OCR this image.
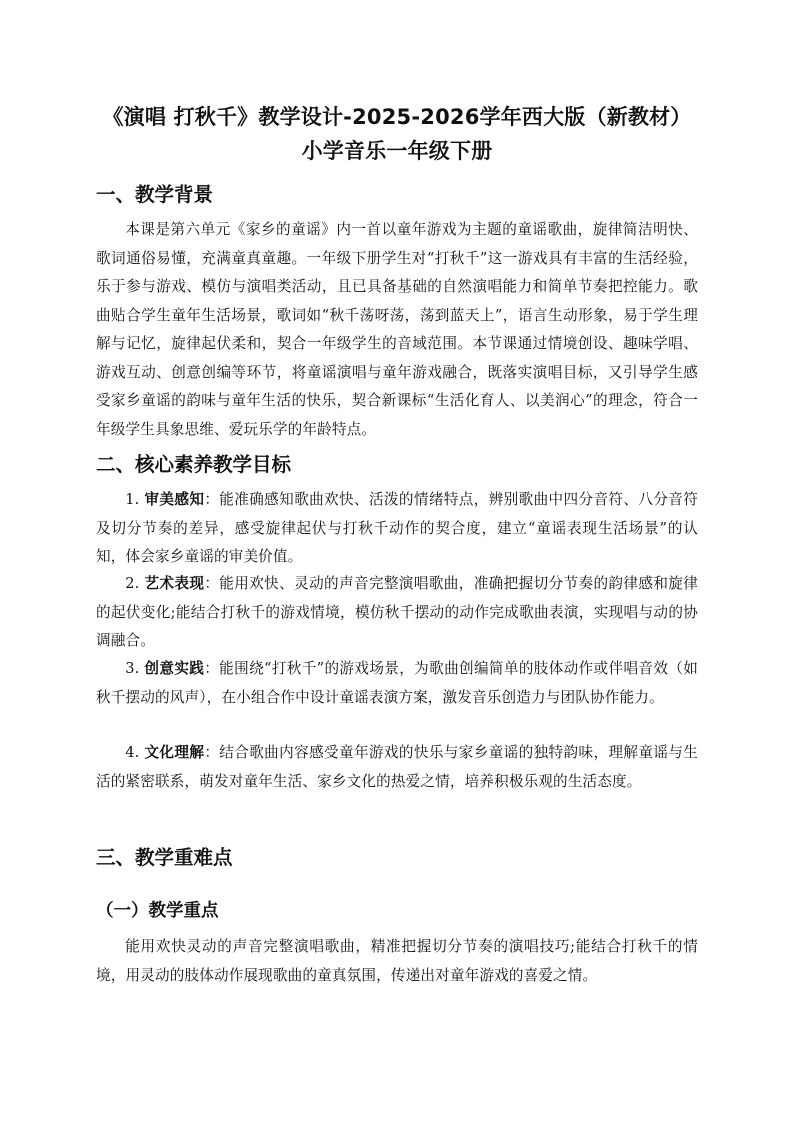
《演唱 打秋千》教学设计-2025-2026学年西大版（新教材）小学音乐一年级下册
一、教学背景

本课是第六单元《家乡的童谣》内一首以童年游戏为主题的童谣歌曲，旋律简洁明快、歌词通俗易懂，充满童真童趣。一年级下册学生对“打秋千”这一游戏具有丰富的生活经验，乐于参与游戏、模仿与演唱类活动，且已具备基础的自然演唱能力和简单节奏把控能力。歌曲贴合学生童年生活场景，歌词如“秋千荡呀荡，荡到蓝天上”，语言生动形象，易于学生理解与记忆，旋律起伏柔和，契合一年级学生的音域范围。本节课通过情境创设、趣味学唱、游戏互动、创意创编等环节，将童谣演唱与童年游戏融合，既落实演唱目标，又引导学生感受家乡童谣的韵味与童年生活的快乐，契合新课标“生活化育人、以美润心”的理念，符合一年级学生具象思维、爱玩乐学的年龄特点。

二、核心素养教学目标

1. 审美感知：能准确感知歌曲欢快、活泼的情绪特点，辨别歌曲中四分音符、八分音符及切分节奏的差异，感受旋律起伏与打秋千动作的契合度，建立“童谣表现生活场景”的认知，体会家乡童谣的审美价值。

2. 艺术表现：能用欢快、灵动的声音完整演唱歌曲，准确把握切分节奏的韵律感和旋律的起伏变化;能结合打秋千的游戏情境，模仿秋千摆动的动作完成歌曲表演，实现唱与动的协调融合。

3. 创意实践：能围绕“打秋千”的游戏场景，为歌曲创编简单的肢体动作或伴唱音效（如秋千摆动的风声），在小组合作中设计童谣表演方案，激发音乐创造力与团队协作能力。

4. 文化理解：结合歌曲内容感受童年游戏的快乐与家乡童谣的独特韵味，理解童谣与生活的紧密联系，萌发对童年生活、家乡文化的热爱之情，培养积极乐观的生活态度。

三、教学重难点
（一）教学重点

能用欢快灵动的声音完整演唱歌曲，精准把握切分节奏的演唱技巧;能结合打秋千的情境，用灵动的肢体动作展现歌曲的童真氛围，传递出对童年游戏的喜爱之情。
